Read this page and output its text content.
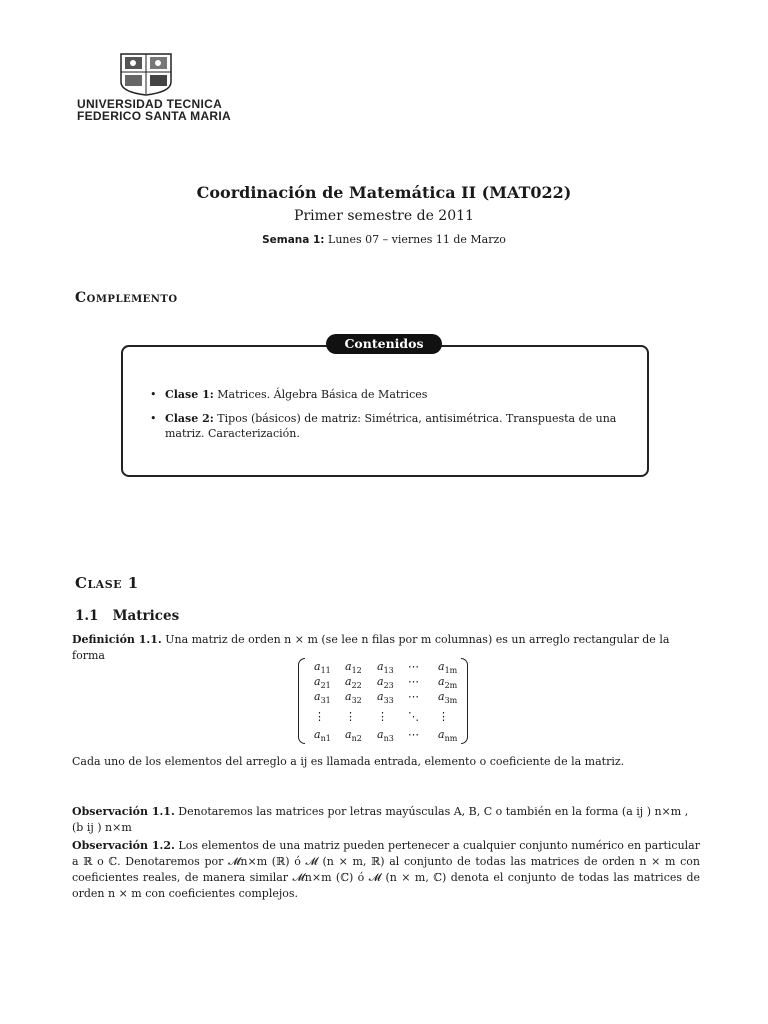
UNIVERSIDAD TECNICA
FEDERICO SANTA MARIA
Coordinación de Matemática II (MAT022)
Primer semestre de 2011
Semana 1: Lunes 07 – viernes 11 de Marzo
Complemento
Contenidos
• Clase 1: Matrices. Álgebra Básica de Matrices
• Clase 2: Tipos (básicos) de matriz: Simétrica, antisimétrica. Transpuesta de una matriz. Caracterización.
Clase 1
1.1 Matrices
Definición 1.1. Una matriz de orden n × m (se lee n filas por m columnas) es un arreglo rectangular de la forma
$a_{11}$ $a_{12}$ $a_{13}$ ⋯ $a_{1m}$
$a_{21}$ $a_{22}$ $a_{23}$ ⋯ $a_{2m}$
$a_{31}$ $a_{32}$ $a_{33}$ ⋯ $a_{3m}$
⋮ ⋮ ⋮ ⋱ ⋮
$a_{n1}$ $a_{n2}$ $a_{n3}$ ⋯ $a_{nm}$
Cada uno de los elementos del arreglo a ij es llamada entrada, elemento o coeficiente de la matriz.
Observación 1.1. Denotaremos las matrices por letras mayúsculas A, B, C o también en la forma (a ij ) n×m , (b ij ) n×m
Observación 1.2. Los elementos de una matriz pueden pertenecer a cualquier conjunto numérico en particular a ℝ o ℂ. Denotaremos por 𝓜n×m (ℝ) ó 𝓜 (n × m, ℝ) al conjunto de todas las matrices de orden n × m con coeficientes reales, de manera similar 𝓜n×m (ℂ) ó 𝓜 (n × m, ℂ) denota el conjunto de todas las matrices de orden n × m con coeficientes complejos.
